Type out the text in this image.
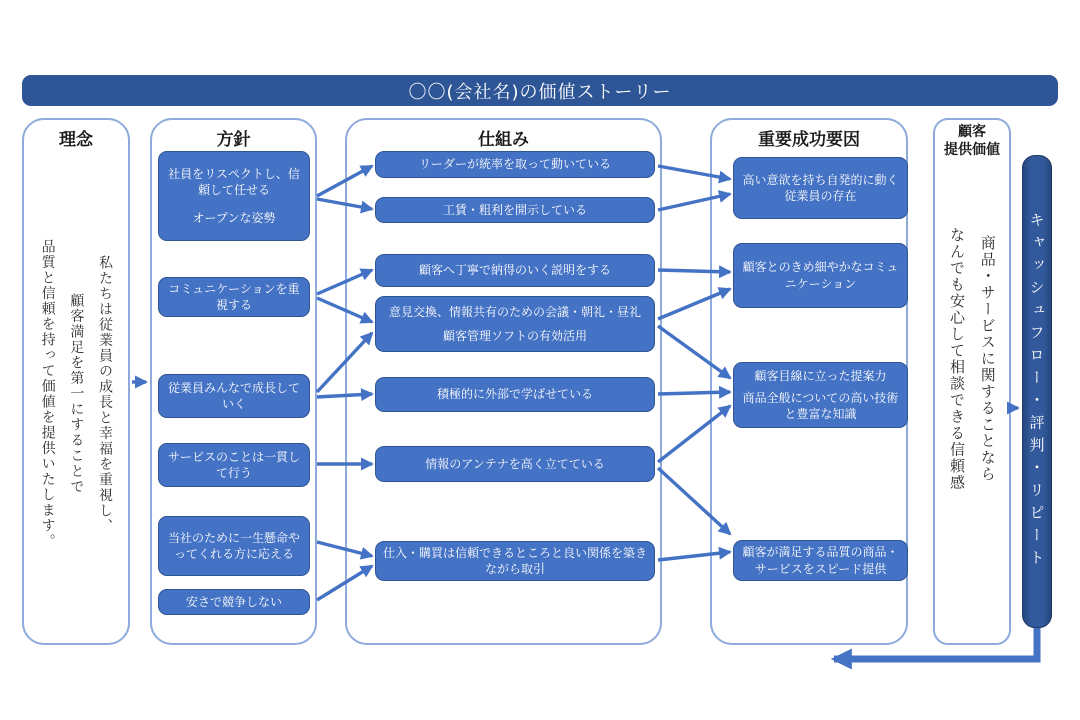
〇〇(会社名)の価値ストーリー
理念
私たちは従業員の成長と幸福を重視し、
顧客満足を第一にすることで
品質と信頼を持って価値を提供いたします。
方針	仕組み	重要成功要因	顧客
提供価値
商品・サービスに関することなら
なんでも安心して相談できる信頼感
社員をリスペクトし、信頼して任せる
オープンな姿勢
コミュニケーションを重視する
従業員みんなで成長していく
サービスのことは一貫して行う
当社のために一生懸命やってくれる方に応える
安さで競争しない
リーダーが統率を取って動いている
工賃・粗利を開示している
顧客へ丁寧で納得のいく説明をする
意見交換、情報共有のための会議・朝礼・昼礼
顧客管理ソフトの有効活用
積極的に外部で学ばせている
情報のアンテナを高く立てている
仕入・購買は信頼できるところと良い関係を築きながら取引
高い意欲を持ち自発的に動く従業員の存在
顧客とのきめ細やかなコミュニケーション
顧客目線に立った提案力
商品全般についての高い技術と豊富な知識
顧客が満足する品質の商品・サービスをスピード提供	キャッシュフロー・評判・リピート
